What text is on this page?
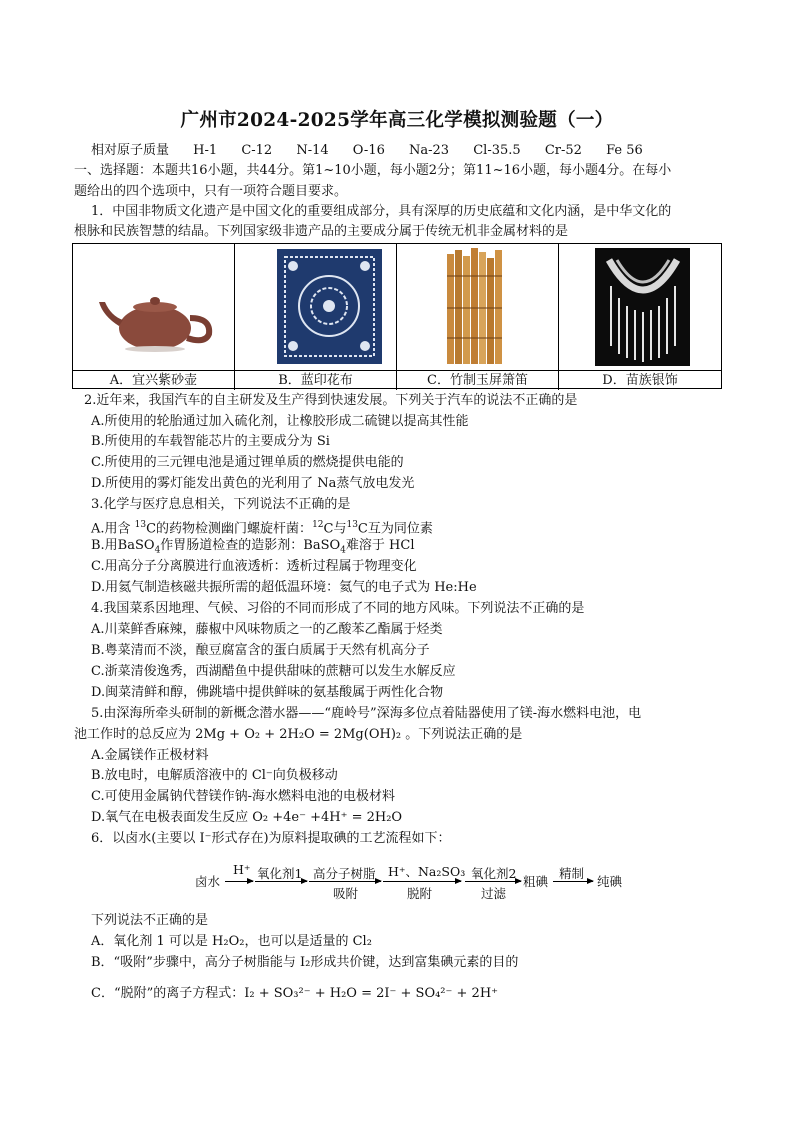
广州市2024-2025学年高三化学模拟测验题（一）
相对原子质量 H-1 C-12 N-14 O-16 Na-23 Cl-35.5 Cr-52 Fe 56
一、选择题：本题共16小题，共44分。第1~10小题，每小题2分；第11~16小题，每小题4分。在每小
题给出的四个选项中，只有一项符合题目要求。
1．中国非物质文化遗产是中国文化的重要组成部分，具有深厚的历史底蕴和文化内涵，是中华文化的
根脉和民族智慧的结晶。下列国家级非遗产品的主要成分属于传统无机非金属材料的是
A．宜兴紫砂壶	B．蓝印花布	C．竹制玉屏箫笛	D．苗族银饰
2.近年来，我国汽车的自主研发及生产得到快速发展。下列关于汽车的说法不正确的是
A.所使用的轮胎通过加入硫化剂，让橡胶形成二硫键以提高其性能
B.所使用的车载智能芯片的主要成分为 Si
C.所使用的三元锂电池是通过锂单质的燃烧提供电能的
D.所使用的雾灯能发出黄色的光利用了 Na蒸气放电发光
3.化学与医疗息息相关，下列说法不正确的是
A.用含 $^{13}$C的药物检测幽门螺旋杆菌：$^{12}$C与$^{13}$C互为同位素
B.用BaSO$_4$作胃肠道检查的造影剂：BaSO$_4$难溶于 HCl
C.用高分子分离膜进行血液透析：透析过程属于物理变化
D.用氦气制造核磁共振所需的超低温环境：氦气的电子式为 He:He
4.我国菜系因地理、气候、习俗的不同而形成了不同的地方风味。下列说法不正确的是
A.川菜鲜香麻辣，藤椒中风味物质之一的乙酸苯乙酯属于烃类
B.粤菜清而不淡，酿豆腐富含的蛋白质属于天然有机高分子
C.浙菜清俊逸秀，西湖醋鱼中提供甜味的蔗糖可以发生水解反应
D.闽菜清鲜和醇，佛跳墙中提供鲜味的氨基酸属于两性化合物
5.由深海所牵头研制的新概念潜水器——“鹿岭号”深海多位点着陆器使用了镁-海水燃料电池，电
池工作时的总反应为 2Mg + O₂ + 2H₂O = 2Mg(OH)₂ 。下列说法正确的是
A.金属镁作正极材料
B.放电时，电解质溶液中的 Cl⁻向负极移动
C.可使用金属钠代替镁作钠-海水燃料电池的电极材料
D.氧气在电极表面发生反应 O₂ +4e⁻ +4H⁺ = 2H₂O
6．以卤水(主要以 I⁻形式存在)为原料提取碘的工艺流程如下：
卤水
H⁺ 氧化剂1 高分子树脂
吸附
H⁺、Na₂SO₃
脱附
氧化剂2
过滤
粗碘
精制
纯碘
下列说法不正确的是
A．氧化剂 1 可以是 H₂O₂，也可以是适量的 Cl₂
B．“吸附”步骤中，高分子树脂能与 I₂形成共价键，达到富集碘元素的目的
C．“脱附”的离子方程式：I₂ + SO₃²⁻ + H₂O = 2I⁻ + SO₄²⁻ + 2H⁺
